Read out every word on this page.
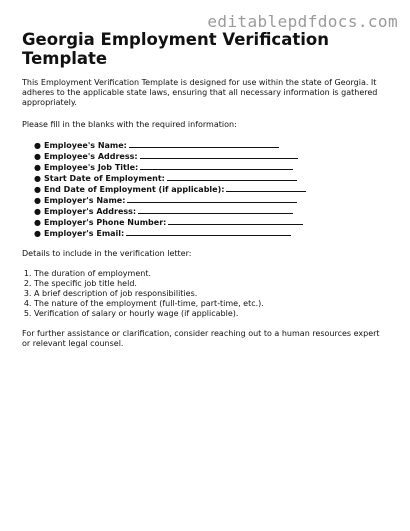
editablepdfdocs.com
Georgia Employment Verification Template

This Employment Verification Template is designed for use within the state of Georgia. It adheres to the applicable state laws, ensuring that all necessary information is gathered appropriately.

Please fill in the blanks with the required information:

● Employee's Name:
● Employee's Address:
● Employee's Job Title:
● Start Date of Employment:
● End Date of Employment (if applicable):
● Employer's Name:
● Employer's Address:
● Employer's Phone Number:
● Employer's Email:

Details to include in the verification letter:

1. The duration of employment.
2. The specific job title held.
3. A brief description of job responsibilities.
4. The nature of the employment (full-time, part-time, etc.).
5. Verification of salary or hourly wage (if applicable).

For further assistance or clarification, consider reaching out to a human resources expert or relevant legal counsel.
